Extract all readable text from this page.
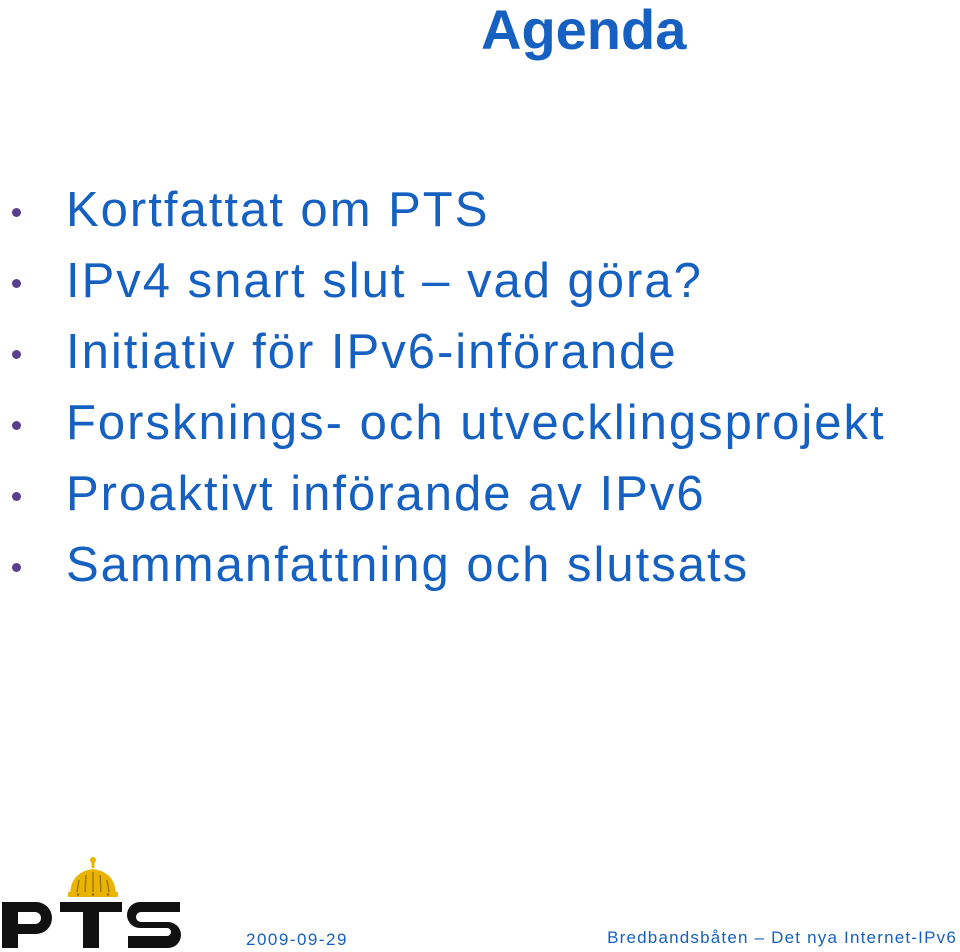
Agenda
Kortfattat om PTS
IPv4 snart slut – vad göra?
Initiativ för IPv6-införande
Forsknings- och utvecklingsprojekt
Proaktivt införande av IPv6
Sammanfattning och slutsats
2009-09-29	Bredbandsbåten – Det nya Internet-IPv6
